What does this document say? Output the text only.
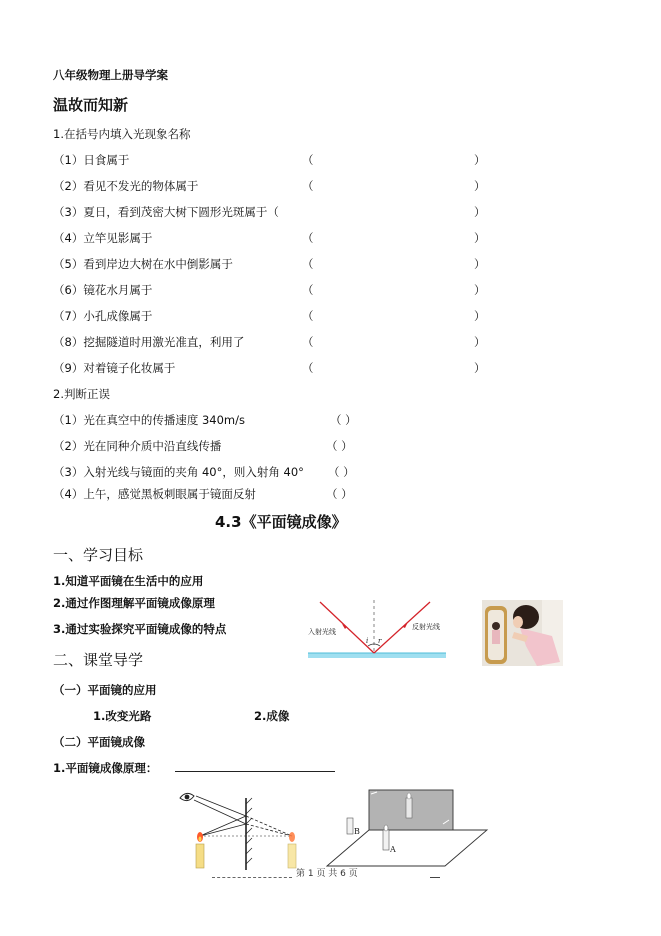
八年级物理上册导学案
温故而知新
1.在括号内填入光现象名称
（1）日食属于	（	）
（2）看见不发光的物体属于	（	）
（3）夏日，看到茂密大树下圆形光斑属于（	）
（4）立竿见影属于	（	）
（5）看到岸边大树在水中倒影属于	（	）
（6）镜花水月属于	（	）
（7）小孔成像属于	（	）
（8）挖掘隧道时用激光准直，利用了	（	）
（9）对着镜子化妆属于	（	）
2.判断正误
（1）光在真空中的传播速度 340m/s	（ ）
（2）光在同种介质中沿直线传播	（ ）
（3）入射光线与镜面的夹角 40°，则入射角 40° （ ）
（4）上午，感觉黑板刺眼属于镜面反射	（ ）
4.3《平面镜成像》
一、学习目标
1.知道平面镜在生活中的应用
2.通过作图理解平面镜成像原理
3.通过实验探究平面镜成像的特点
二、课堂导学
（一）平面镜的应用
1.改变光路	2.成像
（二）平面镜成像
1.平面镜成像原理：
i r
入射光线
反射光线
B
A
第 1 页 共 6 页
